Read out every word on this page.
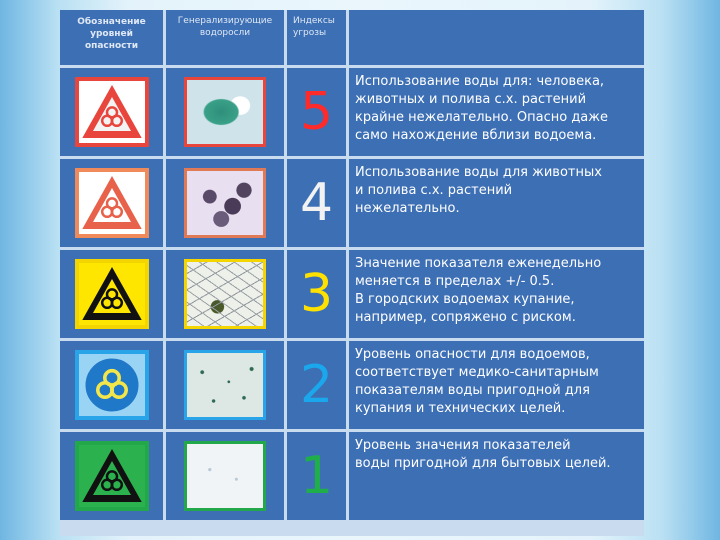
Обозначение
уровней
опасности
Генерализирующие
водоросли
Индексы
угрозы
5
Использование воды для: человека,
животных и полива с.х. растений
крайне нежелательно. Опасно даже
само нахождение вблизи водоема.
4
Использование воды для животных
и полива с.х. растений
нежелательно.
3
Значение показателя еженедельно
меняется в пределах +/- 0.5.
В городских водоемах купание,
например, сопряжено с риском.
2
Уровень опасности для водоемов,
соответствует медико-санитарным
показателям воды пригодной для
купания и технических целей.
1
Уровень значения показателей
воды пригодной для бытовых целей.
